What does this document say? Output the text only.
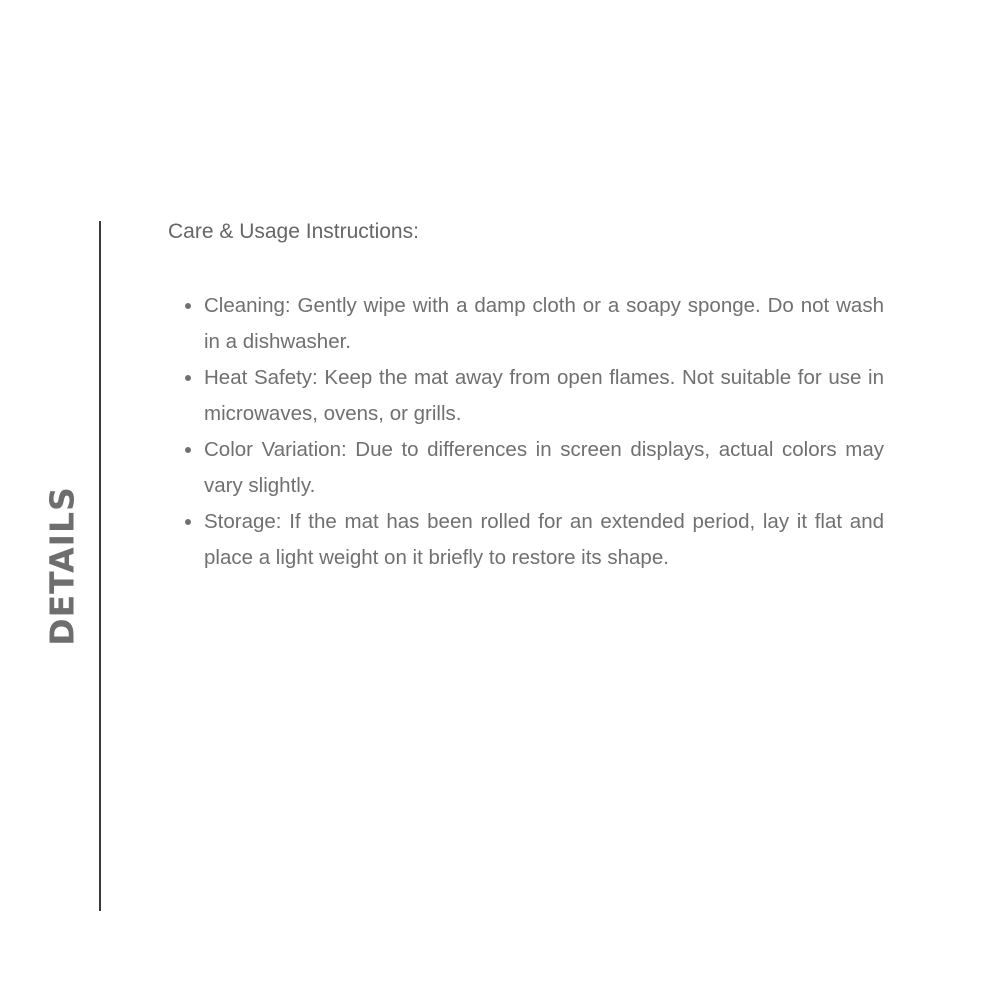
DETAILS
Care & Usage Instructions:
Cleaning: Gently wipe with a damp cloth or a soapy sponge. Do not wash in a dishwasher.
Heat Safety: Keep the mat away from open flames. Not suitable for use in microwaves, ovens, or grills.
Color Variation: Due to differences in screen displays, actual colors may vary slightly.
Storage: If the mat has been rolled for an extended period, lay it flat and place a light weight on it briefly to restore its shape.
